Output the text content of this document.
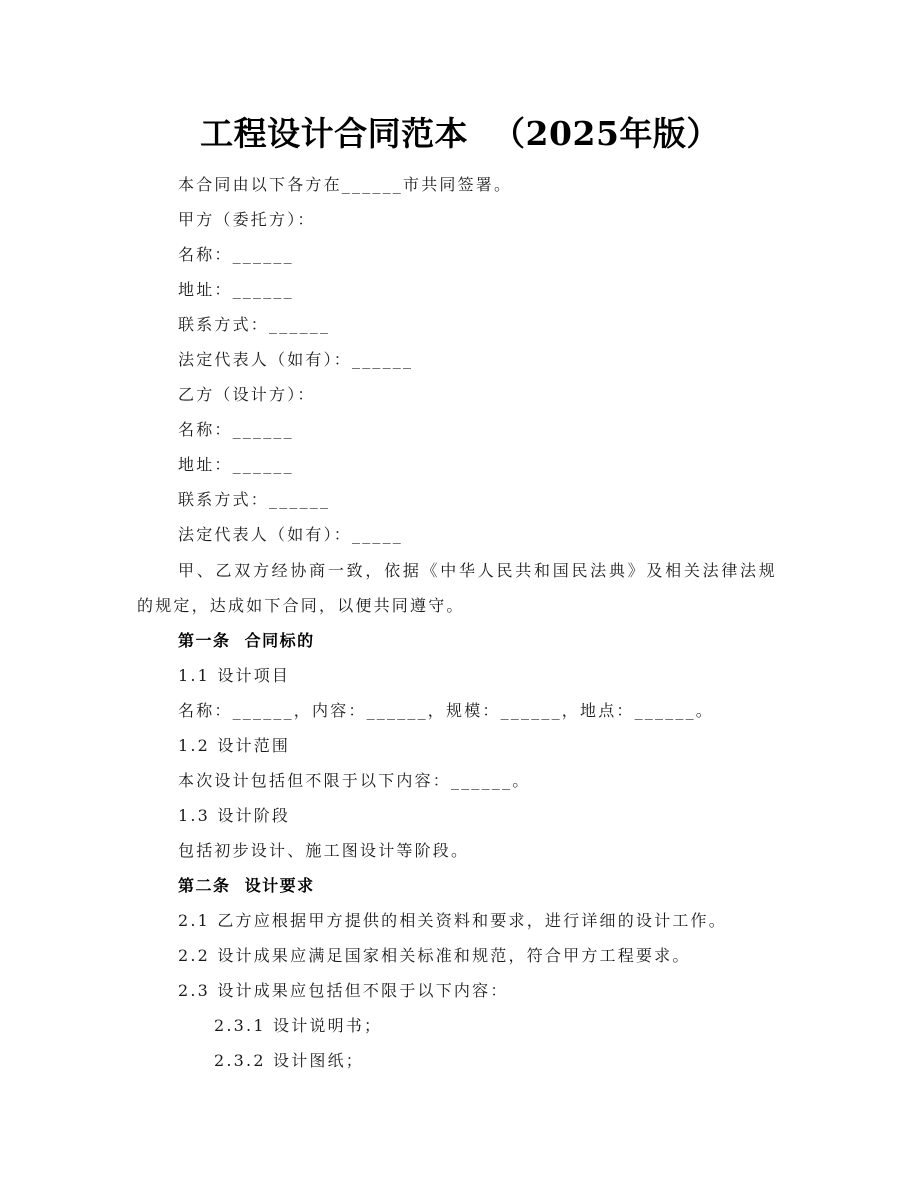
工程设计合同范本  （2025年版）
本合同由以下各方在______市共同签署。
甲方（委托方）：
名称：______
地址：______
联系方式：______
法定代表人（如有）：______
乙方（设计方）：
名称：______
地址：______
联系方式：______
法定代表人（如有）：_____
甲、乙双方经协商一致，依据《中华人民共和国民法典》及相关法律法规的规定，达成如下合同，以便共同遵守。
第一条  合同标的
1.1 设计项目
名称：______，内容：______，规模：______，地点：______。
1.2 设计范围
本次设计包括但不限于以下内容：______。
1.3 设计阶段
包括初步设计、施工图设计等阶段。
第二条  设计要求
2.1 乙方应根据甲方提供的相关资料和要求，进行详细的设计工作。
2.2 设计成果应满足国家相关标准和规范，符合甲方工程要求。
2.3 设计成果应包括但不限于以下内容：
2.3.1 设计说明书；
2.3.2 设计图纸；
